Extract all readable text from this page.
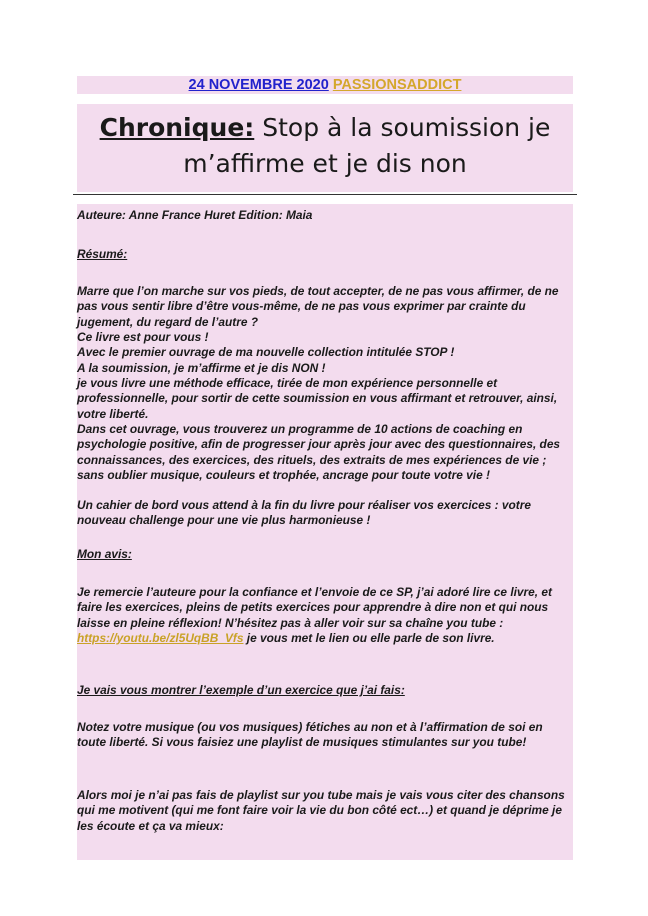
24 NOVEMBRE 2020 PASSIONSADDICT
Chronique: Stop à la soumission je m’affirme et je dis non

Auteure: Anne France Huret Edition: Maia

Résumé:

Marre que l’on marche sur vos pieds, de tout accepter, de ne pas vous affirmer, de ne pas vous sentir libre d’être vous-même, de ne pas vous exprimer par crainte du jugement, du regard de l’autre ?

Ce livre est pour vous !

Avec le premier ouvrage de ma nouvelle collection intitulée STOP !

A la soumission, je m’affirme et je dis NON !

je vous livre une méthode efficace, tirée de mon expérience personnelle et professionnelle, pour sortir de cette soumission en vous affirmant et retrouver, ainsi, votre liberté.

Dans cet ouvrage, vous trouverez un programme de 10 actions de coaching en psychologie positive, afin de progresser jour après jour avec des questionnaires, des connaissances, des exercices, des rituels, des extraits de mes expériences de vie ; sans oublier musique, couleurs et trophée, ancrage pour toute votre vie !

Un cahier de bord vous attend à la fin du livre pour réaliser vos exercices : votre nouveau challenge pour une vie plus harmonieuse !

Mon avis:

Je remercie l’auteure pour la confiance et l’envoie de ce SP, j’ai adoré lire ce livre, et faire les exercices, pleins de petits exercices pour apprendre à dire non et qui nous laisse en pleine réflexion! N’hésitez pas à aller voir sur sa chaîne you tube : https://youtu.be/zl5UqBB_Vfs je vous met le lien ou elle parle de son livre.

Je vais vous montrer l’exemple d’un exercice que j’ai fais:

Notez votre musique (ou vos musiques) fétiches au non et à l’affirmation de soi en toute liberté. Si vous faisiez une playlist de musiques stimulantes sur you tube!

Alors moi je n’ai pas fais de playlist sur you tube mais je vais vous citer des chansons qui me motivent (qui me font faire voir la vie du bon côté ect…) et quand je déprime je les écoute et ça va mieux:
